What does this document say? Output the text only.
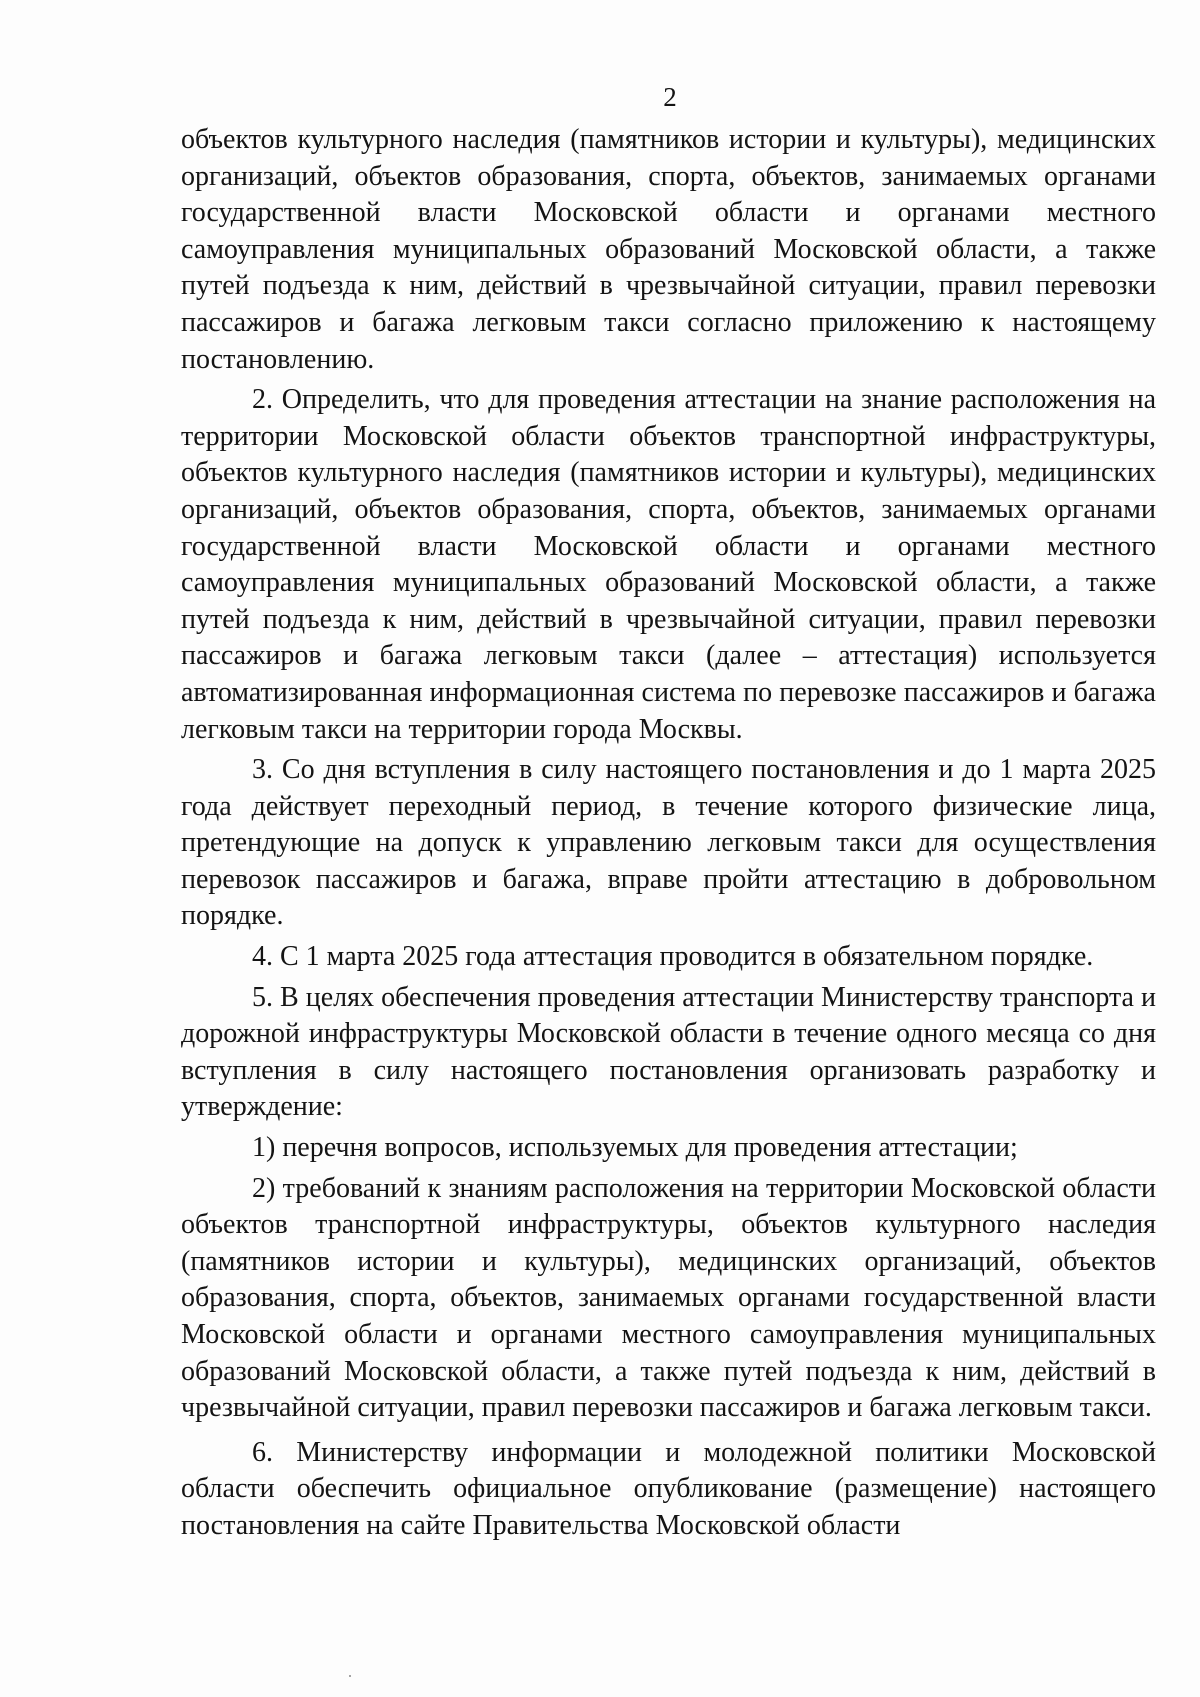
2

объектов культурного наследия (памятников истории и культуры), медицинских организаций, объектов образования, спорта, объектов, занимаемых органами государственной власти Московской области и органами местного самоуправления муниципальных образований Московской области, а также путей подъезда к ним, действий в чрезвычайной ситуации, правил перевозки пассажиров и багажа легковым такси согласно приложению к настоящему постановлению.

2. Определить, что для проведения аттестации на знание расположения на территории Московской области объектов транспортной инфраструктуры, объектов культурного наследия (памятников истории и культуры), медицинских организаций, объектов образования, спорта, объектов, занимаемых органами государственной власти Московской области и органами местного самоуправления муниципальных образований Московской области, а также путей подъезда к ним, действий в чрезвычайной ситуации, правил перевозки пассажиров и багажа легковым такси (далее – аттестация) используется автоматизированная информационная система по перевозке пассажиров и багажа легковым такси на территории города Москвы.

3. Со дня вступления в силу настоящего постановления и до 1 марта 2025 года действует переходный период, в течение которого физические лица, претендующие на допуск к управлению легковым такси для осуществления перевозок пассажиров и багажа, вправе пройти аттестацию в добровольном порядке.

4. С 1 марта 2025 года аттестация проводится в обязательном порядке.

5. В целях обеспечения проведения аттестации Министерству транспорта и дорожной инфраструктуры Московской области в течение одного месяца со дня вступления в силу настоящего постановления организовать разработку и утверждение:

1) перечня вопросов, используемых для проведения аттестации;

2) требований к знаниям расположения на территории Московской области объектов транспортной инфраструктуры, объектов культурного наследия (памятников истории и культуры), медицинских организаций, объектов образования, спорта, объектов, занимаемых органами государственной власти Московской области и органами местного самоуправления муниципальных образований Московской области, а также путей подъезда к ним, действий в чрезвычайной ситуации, правил перевозки пассажиров и багажа легковым такси.

6. Министерству информации и молодежной политики Московской области обеспечить официальное опубликование (размещение) настоящего постановления на сайте Правительства Московской области
